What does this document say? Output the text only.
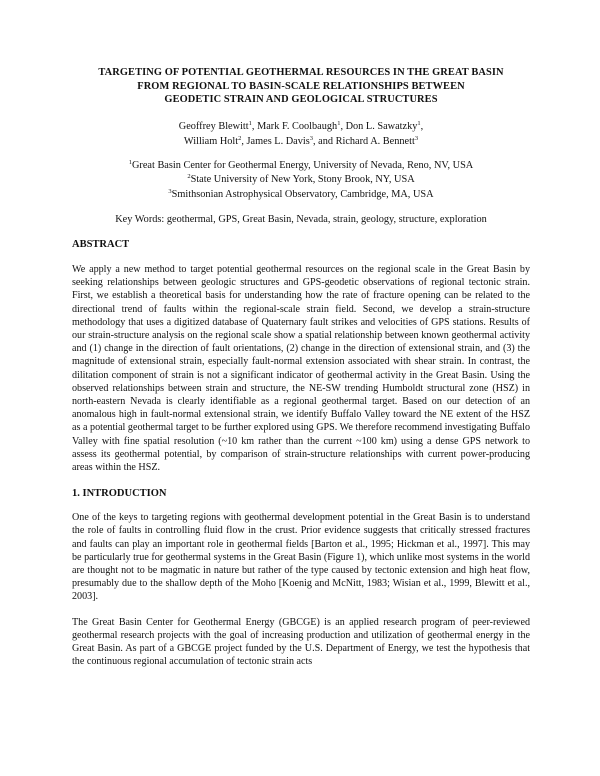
TARGETING OF POTENTIAL GEOTHERMAL RESOURCES IN THE GREAT BASIN
FROM REGIONAL TO BASIN-SCALE RELATIONSHIPS BETWEEN
GEODETIC STRAIN AND GEOLOGICAL STRUCTURES
Geoffrey Blewitt$^1$, Mark F. Coolbaugh$^1$, Don L. Sawatzky$^1$,
William Holt$^2$, James L. Davis$^3$, and Richard A. Bennett$^3$
$^1$Great Basin Center for Geothermal Energy, University of Nevada, Reno, NV, USA
$^2$State University of New York, Stony Brook, NY, USA
$^3$Smithsonian Astrophysical Observatory, Cambridge, MA, USA
Key Words: geothermal, GPS, Great Basin, Nevada, strain, geology, structure, exploration
ABSTRACT
We apply a new method to target potential geothermal resources on the regional scale in the Great Basin by seeking relationships between geologic structures and GPS-geodetic observations of regional tectonic strain. First, we establish a theoretical basis for understanding how the rate of fracture opening can be related to the directional trend of faults within the regional-scale strain field. Second, we develop a strain-structure methodology that uses a digitized database of Quaternary fault strikes and velocities of GPS stations. Results of our strain-structure analysis on the regional scale show a spatial relationship between known geothermal activity and (1) change in the direction of fault orientations, (2) change in the direction of extensional strain, and (3) the magnitude of extensional strain, especially fault-normal extension associated with shear strain. In contrast, the dilitation component of strain is not a significant indicator of geothermal activity in the Great Basin. Using the observed relationships between strain and structure, the NE-SW trending Humboldt structural zone (HSZ) in north-eastern Nevada is clearly identifiable as a regional geothermal target. Based on our detection of an anomalous high in fault-normal extensional strain, we identify Buffalo Valley toward the NE extent of the HSZ as a potential geothermal target to be further explored using GPS. We therefore recommend investigating Buffalo Valley with fine spatial resolution (~10 km rather than the current ~100 km) using a dense GPS network to assess its geothermal potential, by comparison of strain-structure relationships with current power-producing areas within the HSZ.
1. INTRODUCTION
One of the keys to targeting regions with geothermal development potential in the Great Basin is to understand the role of faults in controlling fluid flow in the crust. Prior evidence suggests that critically stressed fractures and faults can play an important role in geothermal fields [Barton et al., 1995; Hickman et al., 1997]. This may be particularly true for geothermal systems in the Great Basin (Figure 1), which unlike most systems in the world are thought not to be magmatic in nature but rather of the type caused by tectonic extension and high heat flow, presumably due to the shallow depth of the Moho [Koenig and McNitt, 1983; Wisian et al., 1999, Blewitt et al., 2003].
The Great Basin Center for Geothermal Energy (GBCGE) is an applied research program of peer-reviewed geothermal research projects with the goal of increasing production and utilization of geothermal energy in the Great Basin. As part of a GBCGE project funded by the U.S. Department of Energy, we test the hypothesis that the continuous regional accumulation of tectonic strain acts
